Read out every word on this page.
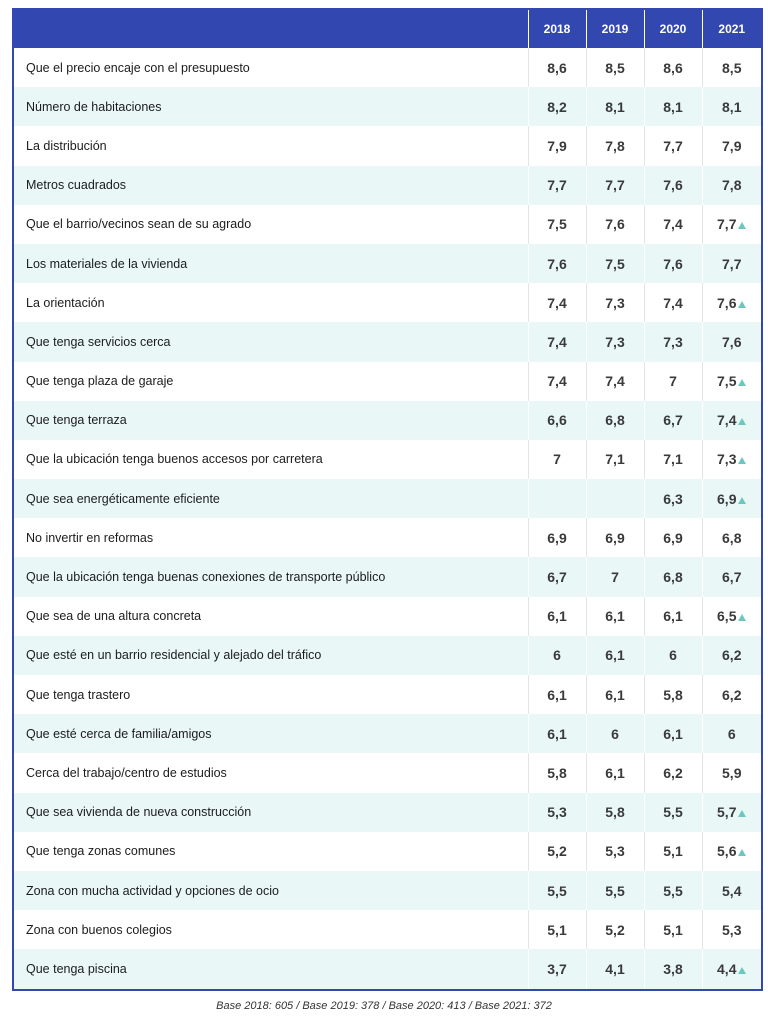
	2018	2019	2020	2021
Que el precio encaje con el presupuesto	8,6	8,5	8,6	8,5
Número de habitaciones	8,2	8,1	8,1	8,1
La distribución	7,9	7,8	7,7	7,9
Metros cuadrados	7,7	7,7	7,6	7,8
Que el barrio/vecinos sean de su agrado	7,5	7,6	7,4	7,7
Los materiales de la vivienda	7,6	7,5	7,6	7,7
La orientación	7,4	7,3	7,4	7,6
Que tenga servicios cerca	7,4	7,3	7,3	7,6
Que tenga plaza de garaje	7,4	7,4	7	7,5
Que tenga terraza	6,6	6,8	6,7	7,4
Que la ubicación tenga buenos accesos por carretera	7	7,1	7,1	7,3
Que sea energéticamente eficiente			6,3	6,9
No invertir en reformas	6,9	6,9	6,9	6,8
Que la ubicación tenga buenas conexiones de transporte público	6,7	7	6,8	6,7
Que sea de una altura concreta	6,1	6,1	6,1	6,5
Que esté en un barrio residencial y alejado del tráfico	6	6,1	6	6,2
Que tenga trastero	6,1	6,1	5,8	6,2
Que esté cerca de familia/amigos	6,1	6	6,1	6
Cerca del trabajo/centro de estudios	5,8	6,1	6,2	5,9
Que sea vivienda de nueva construcción	5,3	5,8	5,5	5,7
Que tenga zonas comunes	5,2	5,3	5,1	5,6
Zona con mucha actividad y opciones de ocio	5,5	5,5	5,5	5,4
Zona con buenos colegios	5,1	5,2	5,1	5,3
Que tenga piscina	3,7	4,1	3,8	4,4
Base 2018: 605 / Base 2019: 378 / Base 2020: 413 / Base 2021: 372
